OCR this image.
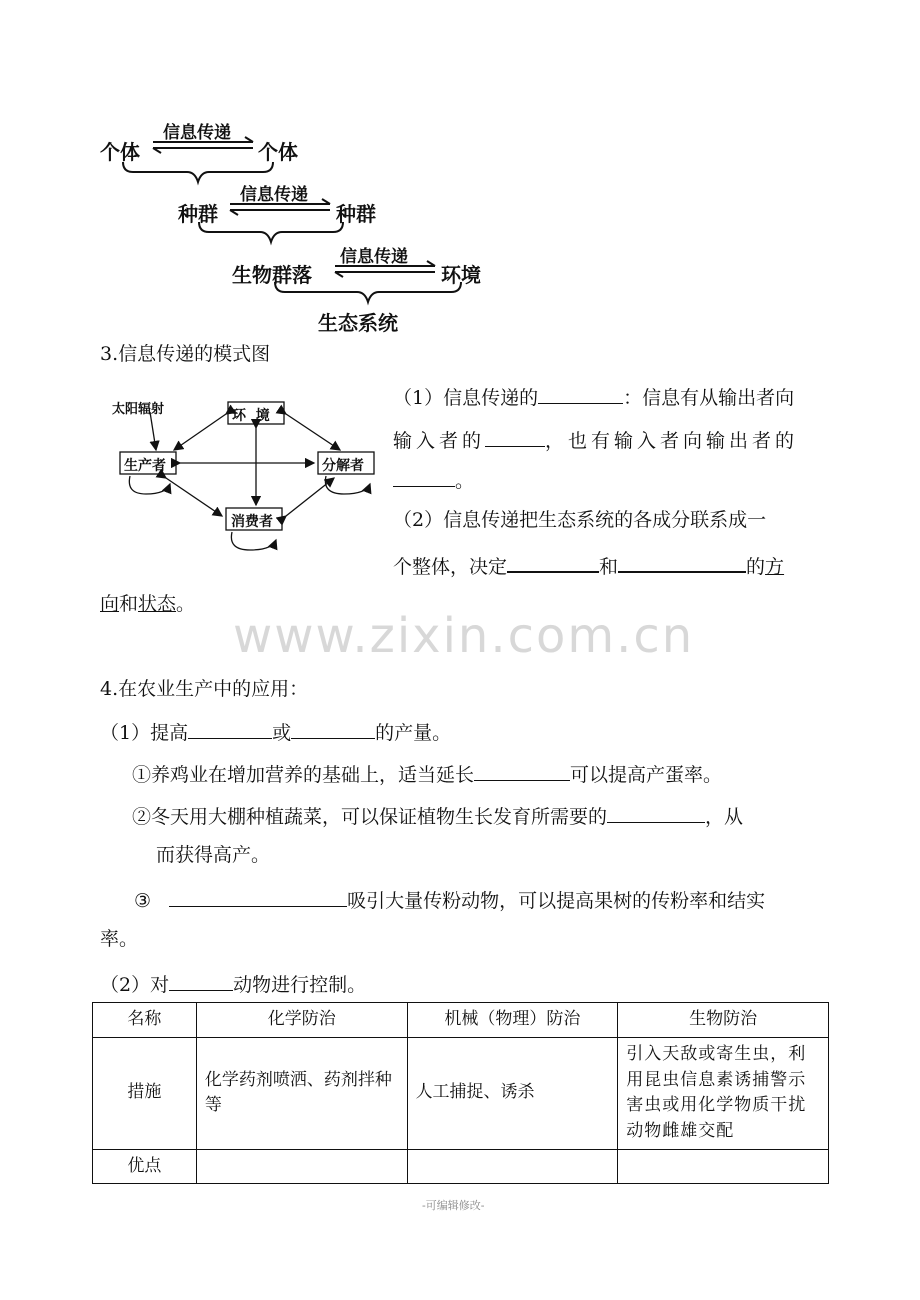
信息传递
个体	个体
信息传递
种群	种群
信息传递
生物群落	环境
生态系统
3.信息传递的模式图
太阳辐射	环  境
生产者	分解者
消费者
（1）信息传递的	：信息有从输出者向
输入者的	，也有输入者向输出者的
。
（2）信息传递把生态系统的各成分联系成一
个整体，决定	和	的方
向和状态。
www.zixin.com.cn
4.在农业生产中的应用：
（1）提高	或	的产量。
①养鸡业在增加营养的基础上，适当延长	可以提高产蛋率。
②冬天用大棚种植蔬菜，可以保证植物生长发育所需要的	，从
而获得高产。
③	吸引大量传粉动物，可以提高果树的传粉率和结实
率。
（2）对	动物进行控制。
名称	化学防治	机械（物理）防治	生物防治
措施	化学药剂喷洒、药剂拌种等	人工捕捉、诱杀	引入天敌或寄生虫，利用昆虫信息素诱捕警示害虫或用化学物质干扰动物雌雄交配
优点			
-可编辑修改-
